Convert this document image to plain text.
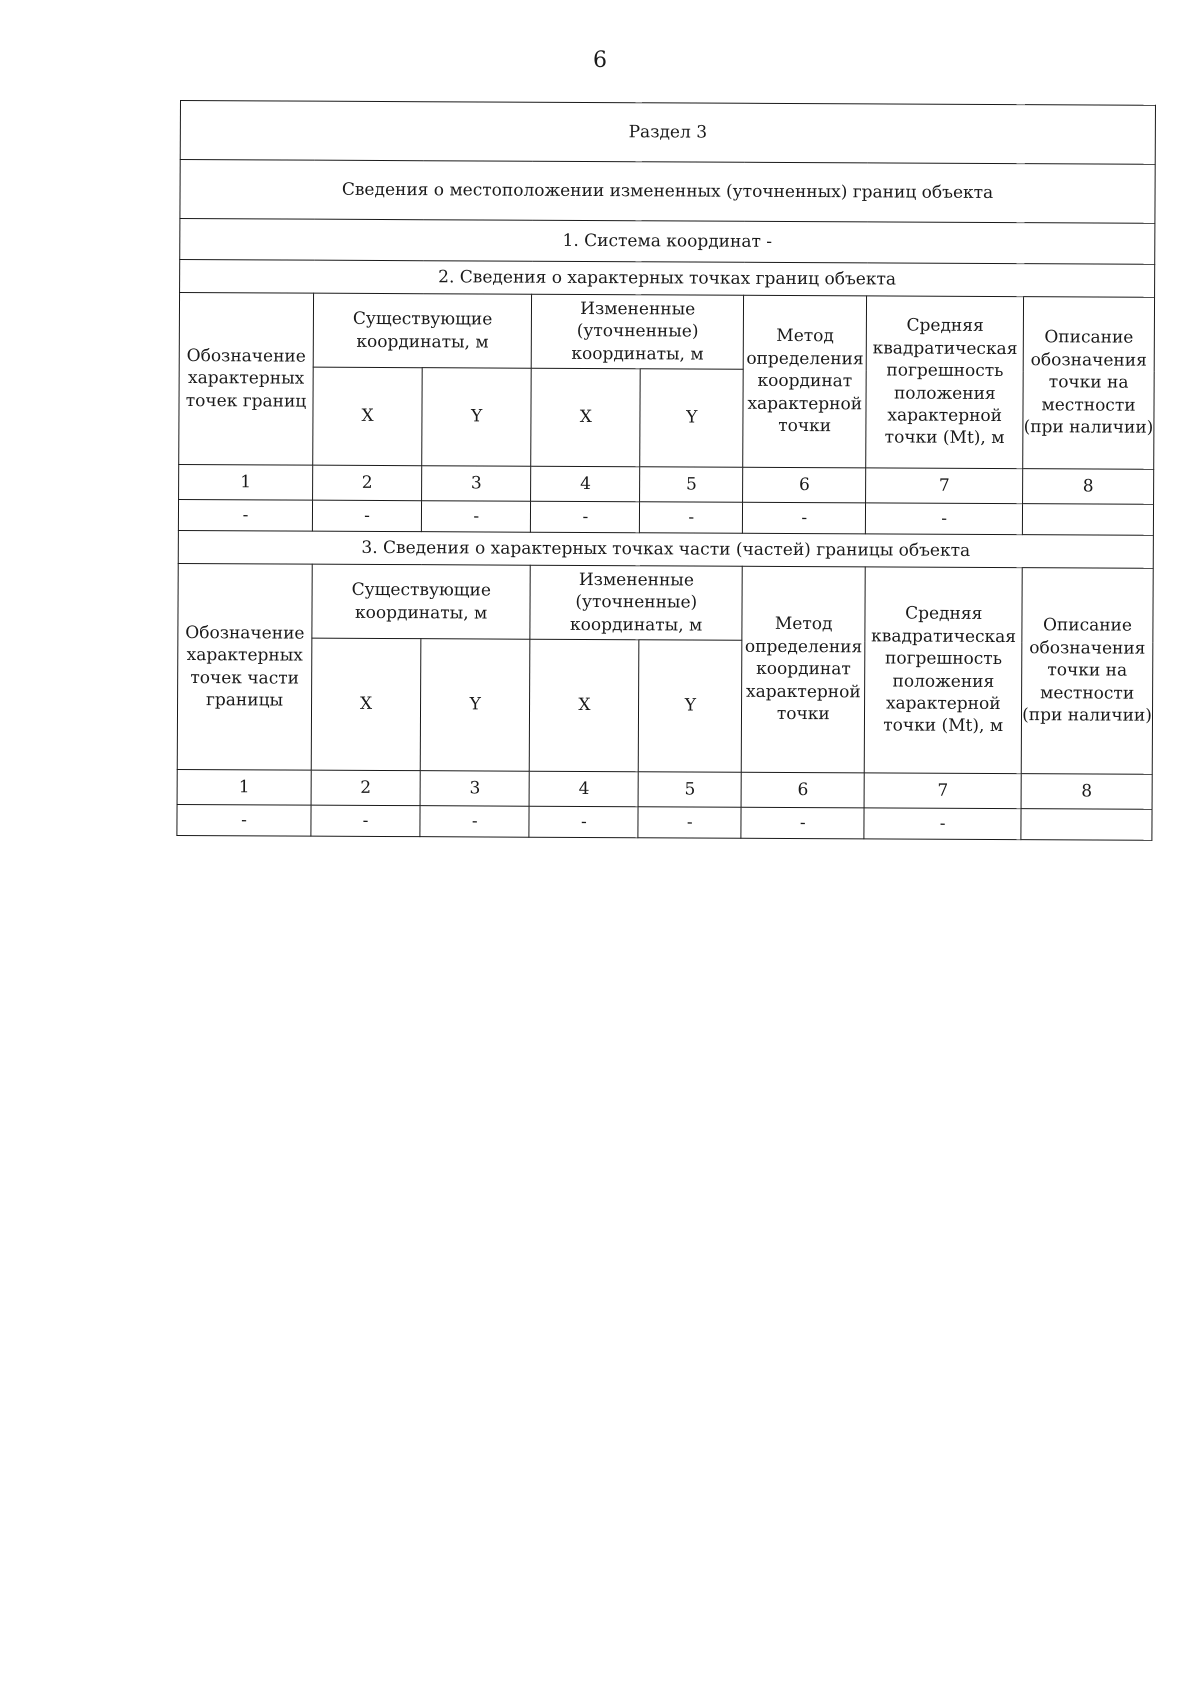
6
Раздел 3							
Сведения о местоположении измененных (уточненных) границ объекта							
1. Система координат -							
2. Сведения о характерных точках границ объекта							
Обозначение характерных точек границ	Существующие координаты, м		Измененные (уточненные) координаты, м		Метод определения координат характерной точки	Средняя квадратическая погрешность положения характерной точки (Mt), м	Описание обозначения точки на местности (при наличии)
	X	Y	X	Y			
1	2	3	4	5	6	7	8
-	-	-	-	-	-	-	
3. Сведения о характерных точках части (частей) границы объекта							
Обозначение характерных точек части границы	Существующие координаты, м		Измененные (уточненные) координаты, м		Метод определения координат характерной точки	Средняя квадратическая погрешность положения характерной точки (Mt), м	Описание обозначения точки на местности (при наличии)
	X	Y	X	Y			
1	2	3	4	5	6	7	8
-	-	-	-	-	-	-	
